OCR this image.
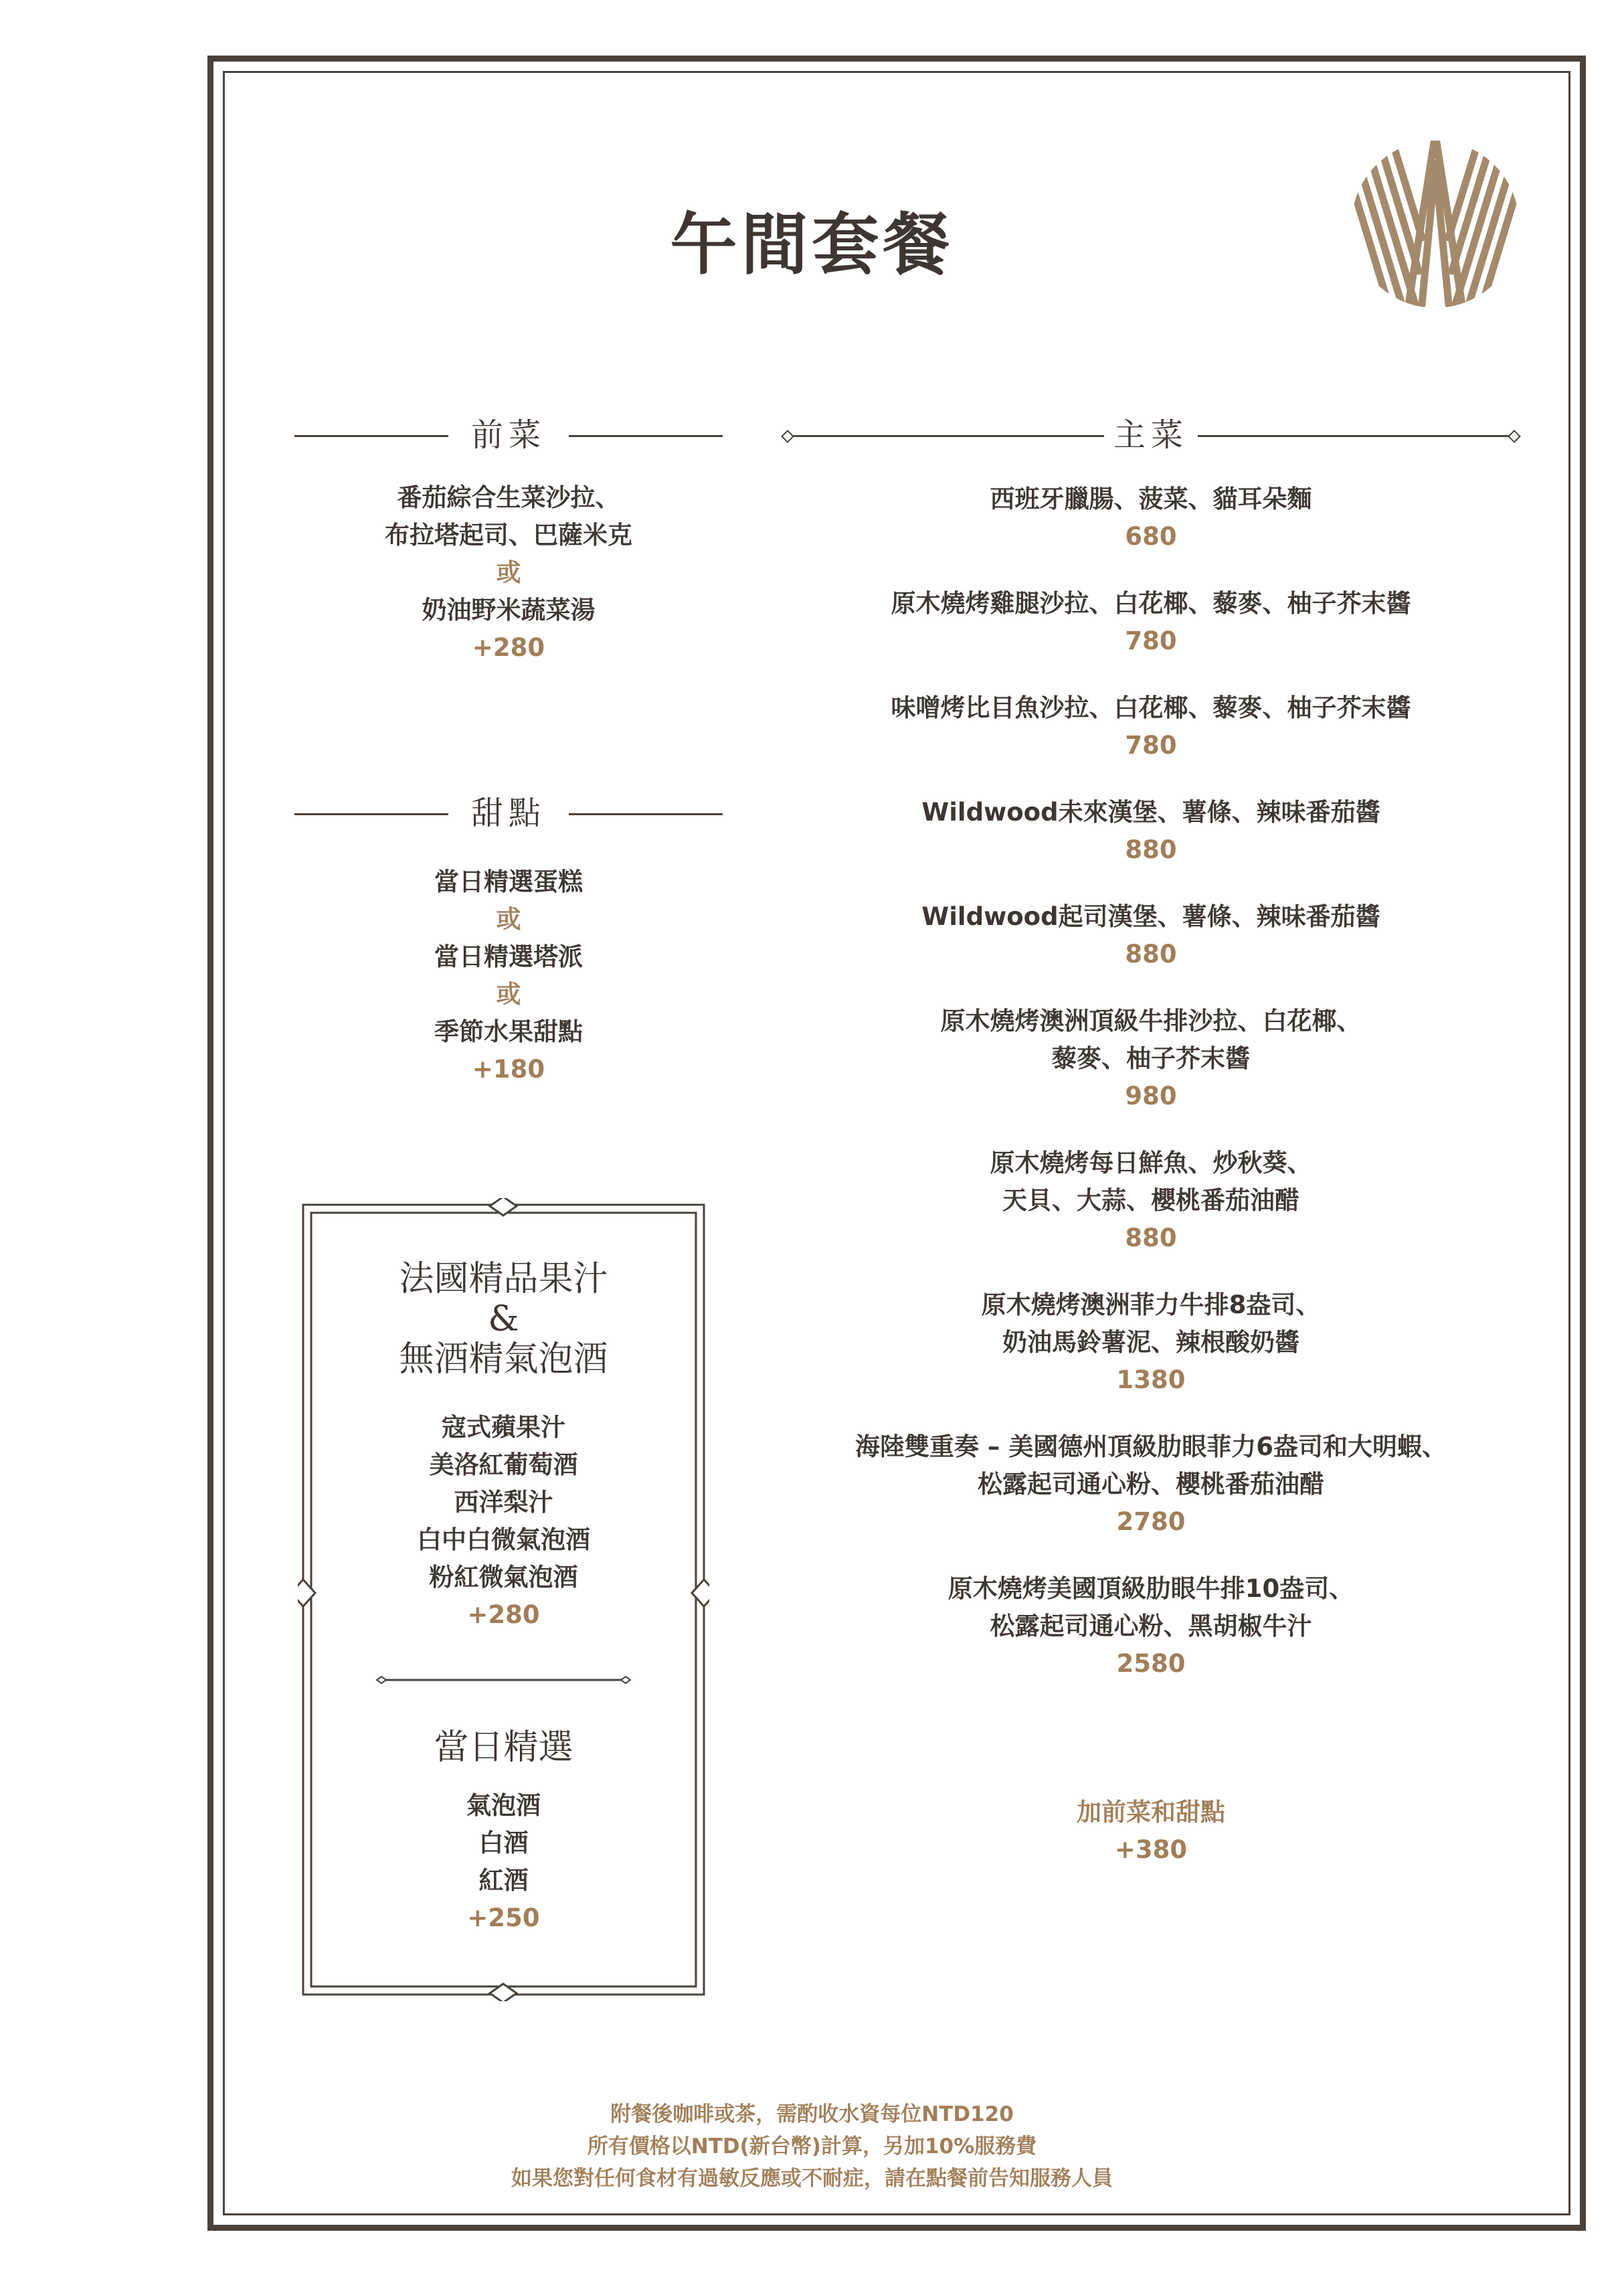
午間套餐
前菜
番茄綜合生菜沙拉、
布拉塔起司、巴薩米克
或
奶油野米蔬菜湯
+280
甜點
當日精選蛋糕
或
當日精選塔派
或
季節水果甜點
+180
法國精品果汁
&
無酒精氣泡酒
寇式蘋果汁
美洛紅葡萄酒
西洋梨汁
白中白微氣泡酒
粉紅微氣泡酒
+280
當日精選
氣泡酒
白酒
紅酒
+250
主菜
西班牙臘腸、菠菜、貓耳朵麵
680
原木燒烤雞腿沙拉、白花椰、藜麥、柚子芥末醬
780
味噌烤比目魚沙拉、白花椰、藜麥、柚子芥末醬
780
Wildwood未來漢堡、薯條、辣味番茄醬
880
Wildwood起司漢堡、薯條、辣味番茄醬
880
原木燒烤澳洲頂級牛排沙拉、白花椰、
藜麥、柚子芥末醬
980
原木燒烤每日鮮魚、炒秋葵、
天貝、大蒜、櫻桃番茄油醋
880
原木燒烤澳洲菲力牛排8盎司、
奶油馬鈴薯泥、辣根酸奶醬
1380
海陸雙重奏 – 美國德州頂級肋眼菲力6盎司和大明蝦、
松露起司通心粉、櫻桃番茄油醋
2780
原木燒烤美國頂級肋眼牛排10盎司、
松露起司通心粉、黑胡椒牛汁
2580
加前菜和甜點
+380
附餐後咖啡或茶，需酌收水資每位NTD120
所有價格以NTD(新台幣)計算，另加10%服務費
如果您對任何食材有過敏反應或不耐症，請在點餐前告知服務人員
